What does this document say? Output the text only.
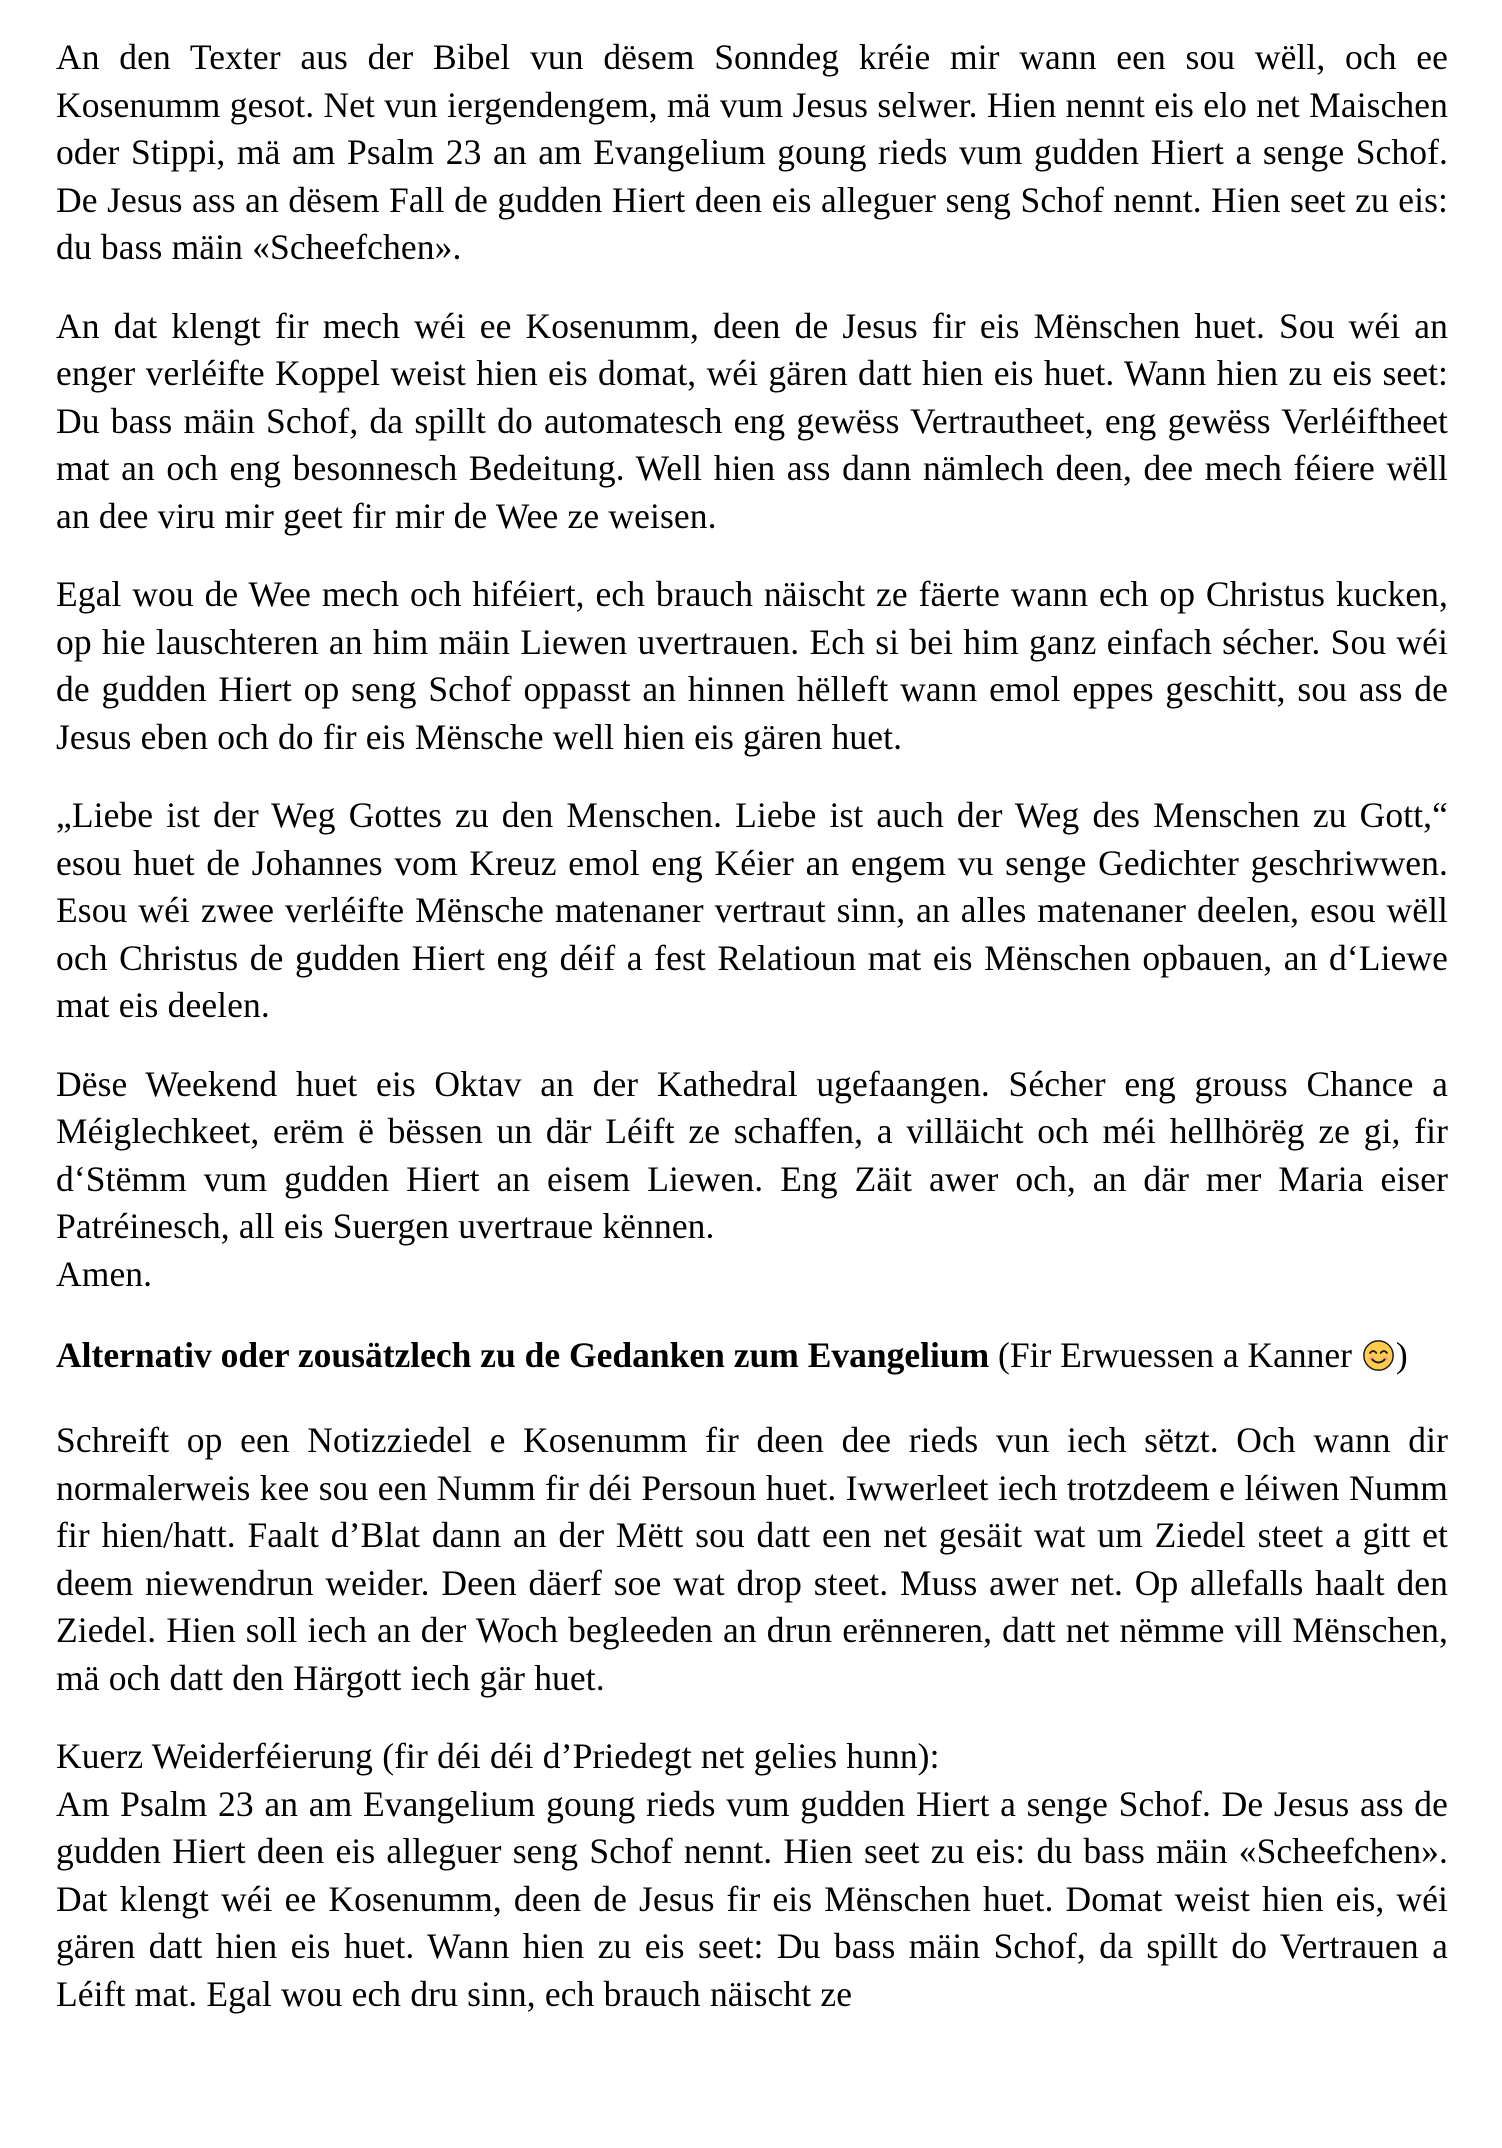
An den Texter aus der Bibel vun dësem Sonndeg kréie mir wann een sou wëll, och ee Kosenumm gesot. Net vun iergendengem, mä vum Jesus selwer. Hien nennt eis elo net Maischen oder Stippi, mä am Psalm 23 an am Evangelium goung rieds vum gudden Hiert a senge Schof. De Jesus ass an dësem Fall de gudden Hiert deen eis alleguer seng Schof nennt. Hien seet zu eis: du bass mäin «Scheefchen».

An dat klengt fir mech wéi ee Kosenumm, deen de Jesus fir eis Mënschen huet. Sou wéi an enger verléifte Koppel weist hien eis domat, wéi gären datt hien eis huet. Wann hien zu eis seet: Du bass mäin Schof, da spillt do automatesch eng gewëss Vertrautheet, eng gewëss Verléiftheet mat an och eng besonnesch Bedeitung. Well hien ass dann nämlech deen, dee mech féiere wëll an dee viru mir geet fir mir de Wee ze weisen.

Egal wou de Wee mech och hiféiert, ech brauch näischt ze fäerte wann ech op Christus kucken, op hie lauschteren an him mäin Liewen uvertrauen. Ech si bei him ganz einfach sécher. Sou wéi de gudden Hiert op seng Schof oppasst an hinnen hëlleft wann emol eppes geschitt, sou ass de Jesus eben och do fir eis Mënsche well hien eis gären huet.

„Liebe ist der Weg Gottes zu den Menschen. Liebe ist auch der Weg des Menschen zu Gott,“ esou huet de Johannes vom Kreuz emol eng Kéier an engem vu senge Gedichter geschriwwen. Esou wéi zwee verléifte Mënsche matenaner vertraut sinn, an alles matenaner deelen, esou wëll och Christus de gudden Hiert eng déif a fest Relatioun mat eis Mënschen opbauen, an d‘Liewe mat eis deelen.

Dëse Weekend huet eis Oktav an der Kathedral ugefaangen. Sécher eng grouss Chance a Méiglechkeet, erëm ë bëssen un där Léift ze schaffen, a villäicht och méi hellhörëg ze gi, fir d‘Stëmm vum gudden Hiert an eisem Liewen. Eng Zäit awer och, an där mer Maria eiser Patréinesch, all eis Suergen uvertraue kënnen.

Amen.

Alternativ oder zousätzlech zu de Gedanken zum Evangelium (Fir Erwuessen a Kanner )

Schreift op een Notizziedel e Kosenumm fir deen dee rieds vun iech sëtzt. Och wann dir normalerweis kee sou een Numm fir déi Persoun huet. Iwwerleet iech trotzdeem e léiwen Numm fir hien/hatt. Faalt d’Blat dann an der Mëtt sou datt een net gesäit wat um Ziedel steet a gitt et deem niewendrun weider. Deen däerf soe wat drop steet. Muss awer net. Op allefalls haalt den Ziedel. Hien soll iech an der Woch begleeden an drun erënneren, datt net nëmme vill Mënschen, mä och datt den Härgott iech gär huet.

Kuerz Weiderféierung (fir déi déi d’Priedegt net gelies hunn):

Am Psalm 23 an am Evangelium goung rieds vum gudden Hiert a senge Schof. De Jesus ass de gudden Hiert deen eis alleguer seng Schof nennt. Hien seet zu eis: du bass mäin «Scheefchen». Dat klengt wéi ee Kosenumm, deen de Jesus fir eis Mënschen huet. Domat weist hien eis, wéi gären datt hien eis huet. Wann hien zu eis seet: Du bass mäin Schof, da spillt do Vertrauen a Léift mat. Egal wou ech dru sinn, ech brauch näischt ze
